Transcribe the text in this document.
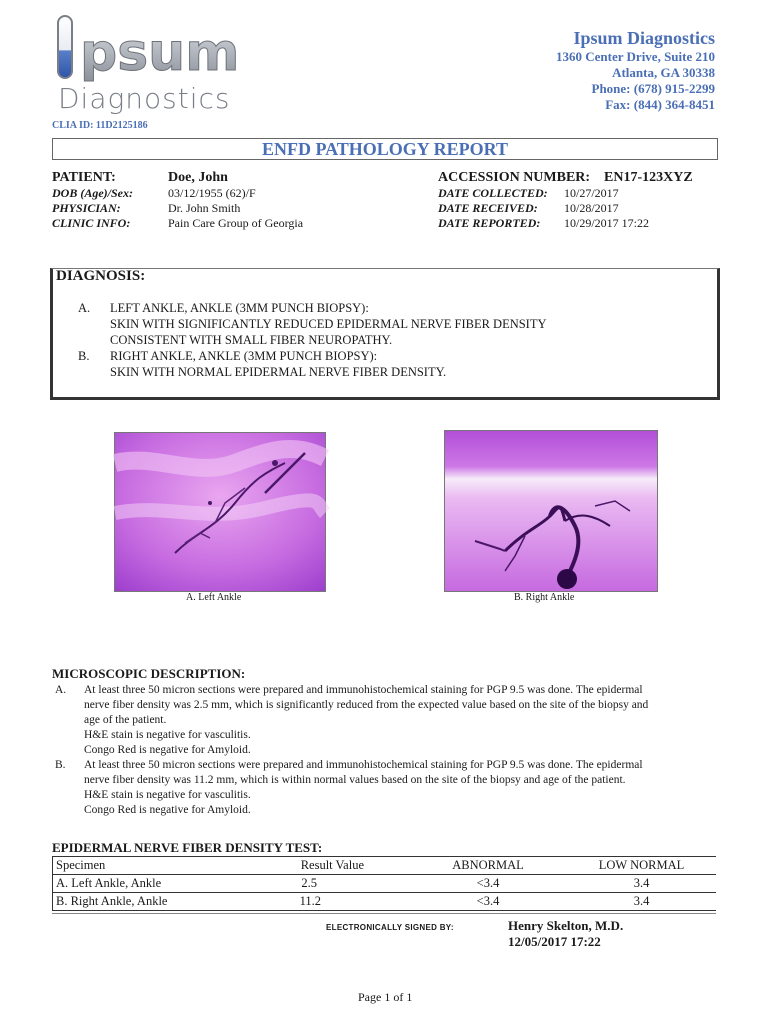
psum
Diagnostics
Ipsum Diagnostics
1360 Center Drive, Suite 210
Atlanta, GA 30338
Phone: (678) 915-2299
Fax: (844) 364-8451
CLIA ID: 11D2125186
ENFD PATHOLOGY REPORT
PATIENT:	Doe, John
DOB (Age)/Sex:	03/12/1955 (62)/F
PHYSICIAN:	Dr. John Smith
CLINIC INFO:	Pain Care Group of Georgia
ACCESSION NUMBER: EN17-123XYZ
DATE COLLECTED: 10/27/2017
DATE RECEIVED: 10/28/2017
DATE REPORTED: 10/29/2017 17:22
DIAGNOSIS:
A. LEFT ANKLE, ANKLE (3MM PUNCH BIOPSY):
SKIN WITH SIGNIFICANTLY REDUCED EPIDERMAL NERVE FIBER DENSITY
CONSISTENT WITH SMALL FIBER NEUROPATHY.
B. RIGHT ANKLE, ANKLE (3MM PUNCH BIOPSY):
SKIN WITH NORMAL EPIDERMAL NERVE FIBER DENSITY.
A. Left Ankle	B. Right Ankle
MICROSCOPIC DESCRIPTION:
A. At least three 50 micron sections were prepared and immunohistochemical staining for PGP 9.5 was done. The epidermal
nerve fiber density was 2.5 mm, which is significantly reduced from the expected value based on the site of the biopsy and
age of the patient.
H&E stain is negative for vasculitis.
Congo Red is negative for Amyloid.
B. At least three 50 micron sections were prepared and immunohistochemical staining for PGP 9.5 was done. The epidermal
nerve fiber density was 11.2 mm, which is within normal values based on the site of the biopsy and age of the patient.
H&E stain is negative for vasculitis.
Congo Red is negative for Amyloid.
EPIDERMAL NERVE FIBER DENSITY TEST:
Specimen	Result Value	ABNORMAL	LOW NORMAL
A. Left Ankle, Ankle	2.5	<3.4	3.4
B. Right Ankle, Ankle	11.2	<3.4	3.4
ELECTRONICALLY SIGNED BY:	Henry Skelton, M.D.
12/05/2017 17:22
Page 1 of 1
